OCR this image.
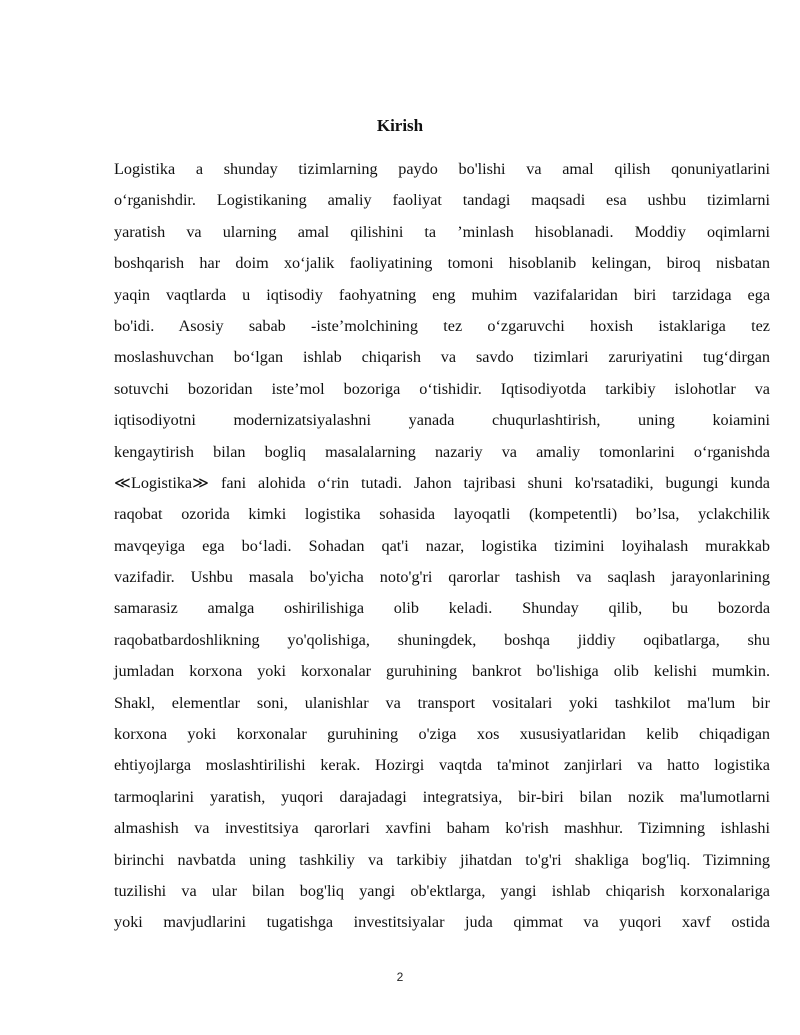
Kirish
Logistika a shunday tizimlarning paydo bo'lishi va amal qilish qonuniyatlarini
o‘rganishdir. Logistikaning amaliy faoliyat tandagi maqsadi esa ushbu tizimlarni
yaratish va ularning amal qilishini ta ’minlash hisoblanadi. Moddiy oqimlarni
boshqarish har doim xo‘jalik faoliyatining tomoni hisoblanib kelingan, biroq nisbatan
yaqin vaqtlarda u iqtisodiy faohyatning eng muhim vazifalaridan biri tarzidaga ega
bo'idi. Asosiy sabab -iste’molchining tez o‘zgaruvchi hoxish istaklariga tez
moslashuvchan bo‘lgan ishlab chiqarish va savdo tizimlari zaruriyatini tug‘dirgan
sotuvchi bozoridan iste’mol bozoriga o‘tishidir. Iqtisodiyotda tarkibiy islohotlar va
iqtisodiyotni modernizatsiyalashni yanada chuqurlashtirish, uning koiamini
kengaytirish bilan bogliq masalalarning nazariy va amaliy tomonlarini o‘rganishda
≪Logistika≫ fani alohida o‘rin tutadi. Jahon tajribasi shuni ko'rsatadiki, bugungi kunda
raqobat ozorida kimki logistika sohasida layoqatli (kompetentli) bo’lsa, yclakchilik
mavqeyiga ega bo‘ladi. Sohadan qat'i nazar, logistika tizimini loyihalash murakkab
vazifadir. Ushbu masala bo'yicha noto'g'ri qarorlar tashish va saqlash jarayonlarining
samarasiz amalga oshirilishiga olib keladi. Shunday qilib, bu bozorda
raqobatbardoshlikning yo'qolishiga, shuningdek, boshqa jiddiy oqibatlarga, shu
jumladan korxona yoki korxonalar guruhining bankrot bo'lishiga olib kelishi mumkin.
Shakl, elementlar soni, ulanishlar va transport vositalari yoki tashkilot ma'lum bir
korxona yoki korxonalar guruhining o'ziga xos xususiyatlaridan kelib chiqadigan
ehtiyojlarga moslashtirilishi kerak. Hozirgi vaqtda ta'minot zanjirlari va hatto logistika
tarmoqlarini yaratish, yuqori darajadagi integratsiya, bir-biri bilan nozik ma'lumotlarni
almashish va investitsiya qarorlari xavfini baham ko'rish mashhur. Tizimning ishlashi
birinchi navbatda uning tashkiliy va tarkibiy jihatdan to'g'ri shakliga bog'liq. Tizimning
tuzilishi va ular bilan bog'liq yangi ob'ektlarga, yangi ishlab chiqarish korxonalariga
yoki mavjudlarini tugatishga investitsiyalar juda qimmat va yuqori xavf ostida
2
